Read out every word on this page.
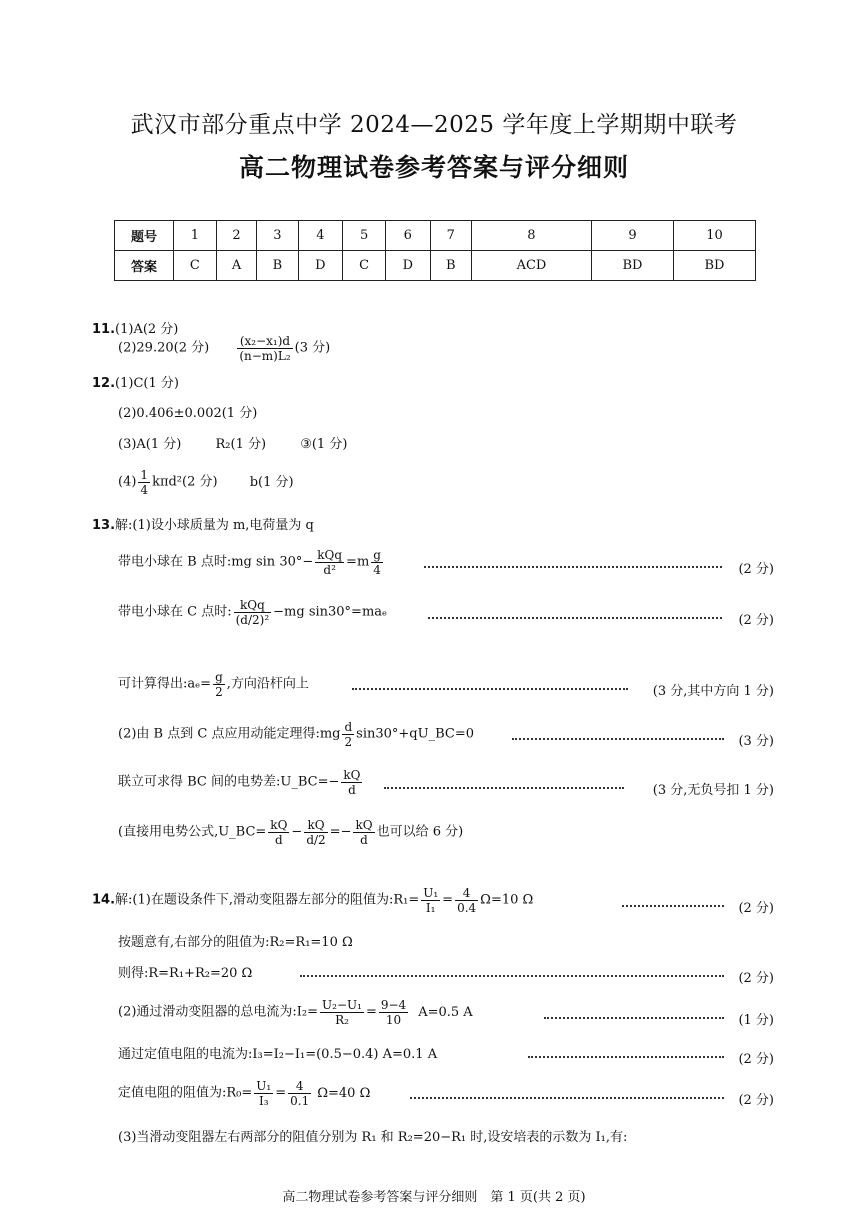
武汉市部分重点中学 2024—2025 学年度上学期期中联考
高二物理试卷参考答案与评分细则
题号	1	2	3	4	5	6	7	8	9	10
答案	C	A	B	D	C	D	B	ACD	BD	BD
11.(1)A(2 分)
(2)29.20(2 分) $\frac{\text{(x₂−x₁)d}}{\text{(n−m)L₂}} (3$ 分)
12.(1)C(1 分)
(2)0.406±0.002(1 分)
(3)A(1 分)	R₂(1 分)	③(1 分)
$(4) \frac{1}{4} k\pi d^2(2$ 分) b(1 分)
13.解:(1)设小球质量为 m,电荷量为 q
带电小球在 B 点时:mg $\sin 30^\circ- \frac{\text{kQq}}{\text{d²}} =m \frac{g}{4}$	(2 分)
带电小球在 C 点时: $\frac{\text{kQq}}{\text{(d/2)²}} -mg$ sin30°=maₑ
(2 分)
可计算得出:aₑ= $\frac{g}{2}$ ,方向沿杆向上	(3 分,其中方向 1 分)
(2)由 B 点到 C 点应用动能定理得:mg $\frac{d}{2}$ sin30°+qU_BC=0	(3 分)
联立可求得 BC 间的电势差:U_BC=− $\frac{kQ}{d}$	(3 分,无负号扣 1 分)
(直接用电势公式,U_BC= $\frac{kQ}{d} - \frac{kQ}{d/2} =- \frac{kQ}{d}$ 也可以给 6 分)
14.解:(1)在题设条件下,滑动变阻器左部分的阻值为:R₁= $\frac{\text{U₁}}{\text{I₁}} = \frac{4}{0.4} \Omega=10$ Ω
(2 分)
按题意有,右部分的阻值为:R₂=R₁=10 Ω
则得:R=R₁+R₂=20 Ω	(2 分)
(2)通过滑动变阻器的总电流为:I₂= $\frac{\text{U₂−U₁}}{\text{R₂}} = \frac{9-4}{10} A=0.5$ A
(1 分)
通过定值电阻的电流为:I₃=I₂−I₁=(0.5−0.4) A=0.1 A	(2 分)
定值电阻的阻值为:R₀= $\frac{\text{U₁}}{\text{I₃}} = \frac{4}{0.1} \Omega=40$ Ω	(2 分)
(3)当滑动变阻器左右两部分的阻值分别为 R₁ 和 R₂=20−R₁ 时,设安培表的示数为 I₁,有:
高二物理试卷参考答案与评分细则　第 1 页(共 2 页)
